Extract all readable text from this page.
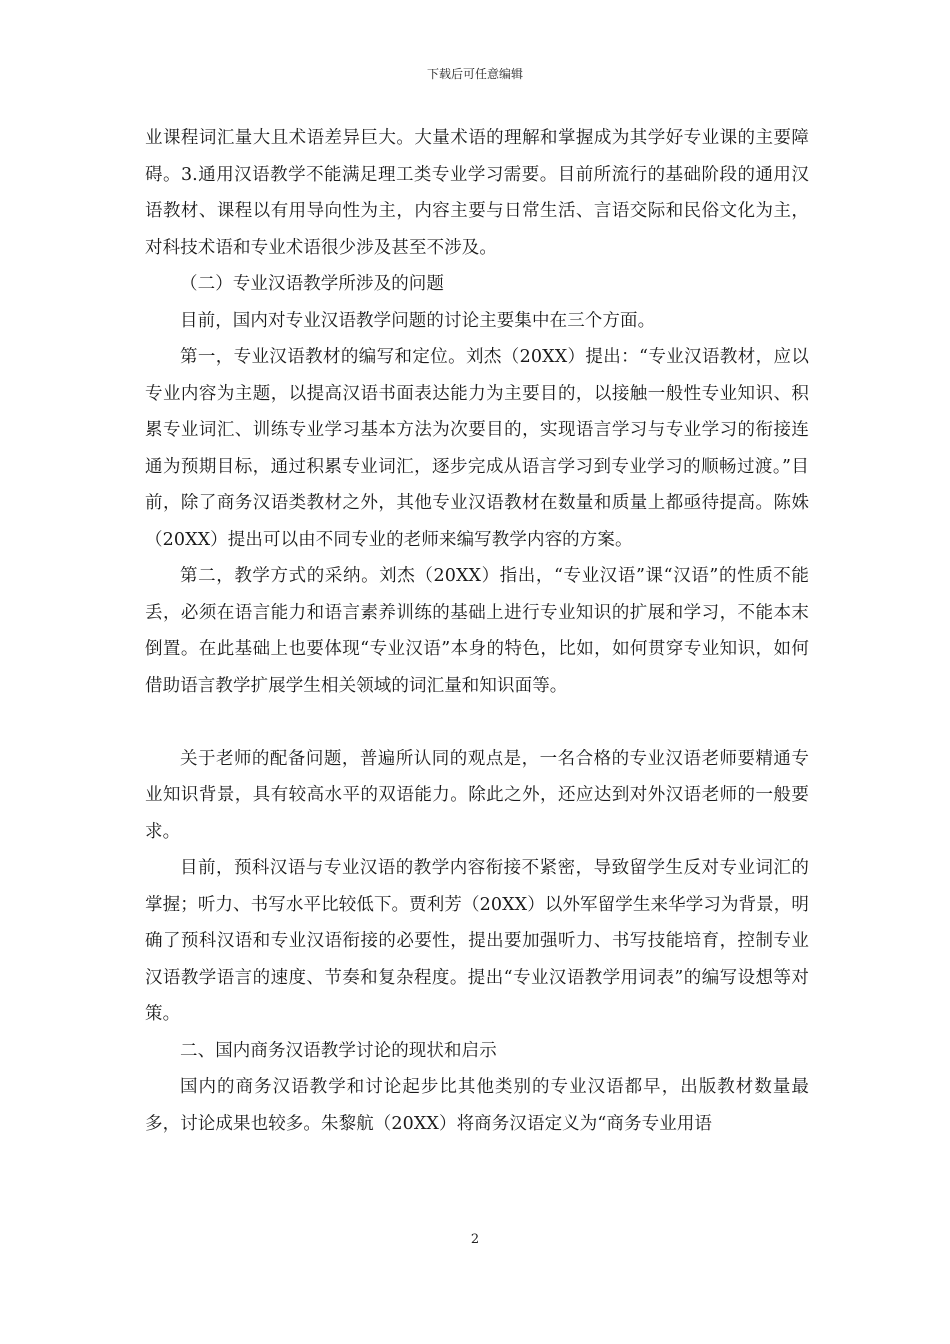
下载后可任意编辑

业课程词汇量大且术语差异巨大。大量术语的理解和掌握成为其学好专业课的主要障碍。3.通用汉语教学不能满足理工类专业学习需要。目前所流行的基础阶段的通用汉语教材、课程以有用导向性为主，内容主要与日常生活、言语交际和民俗文化为主，对科技术语和专业术语很少涉及甚至不涉及。

（二）专业汉语教学所涉及的问题

目前，国内对专业汉语教学问题的讨论主要集中在三个方面。

第一，专业汉语教材的编写和定位。刘杰（20XX）提出：“专业汉语教材，应以专业内容为主题，以提高汉语书面表达能力为主要目的，以接触一般性专业知识、积累专业词汇、训练专业学习基本方法为次要目的，实现语言学习与专业学习的衔接连通为预期目标，通过积累专业词汇，逐步完成从语言学习到专业学习的顺畅过渡。”目前，除了商务汉语类教材之外，其他专业汉语教材在数量和质量上都亟待提高。陈姝（20XX）提出可以由不同专业的老师来编写教学内容的方案。

第二，教学方式的采纳。刘杰（20XX）指出，“专业汉语”课“汉语”的性质不能丢，必须在语言能力和语言素养训练的基础上进行专业知识的扩展和学习，不能本末倒置。在此基础上也要体现“专业汉语”本身的特色，比如，如何贯穿专业知识，如何借助语言教学扩展学生相关领域的词汇量和知识面等。

关于老师的配备问题，普遍所认同的观点是，一名合格的专业汉语老师要精通专业知识背景，具有较高水平的双语能力。除此之外，还应达到对外汉语老师的一般要求。

目前，预科汉语与专业汉语的教学内容衔接不紧密，导致留学生反对专业词汇的掌握；听力、书写水平比较低下。贾利芳（20XX）以外军留学生来华学习为背景，明确了预科汉语和专业汉语衔接的必要性，提出要加强听力、书写技能培育，控制专业汉语教学语言的速度、节奏和复杂程度。提出“专业汉语教学用词表”的编写设想等对策。

二、国内商务汉语教学讨论的现状和启示

国内的商务汉语教学和讨论起步比其他类别的专业汉语都早，出版教材数量最多，讨论成果也较多。朱黎航（20XX）将商务汉语定义为“商务专业用语

2
